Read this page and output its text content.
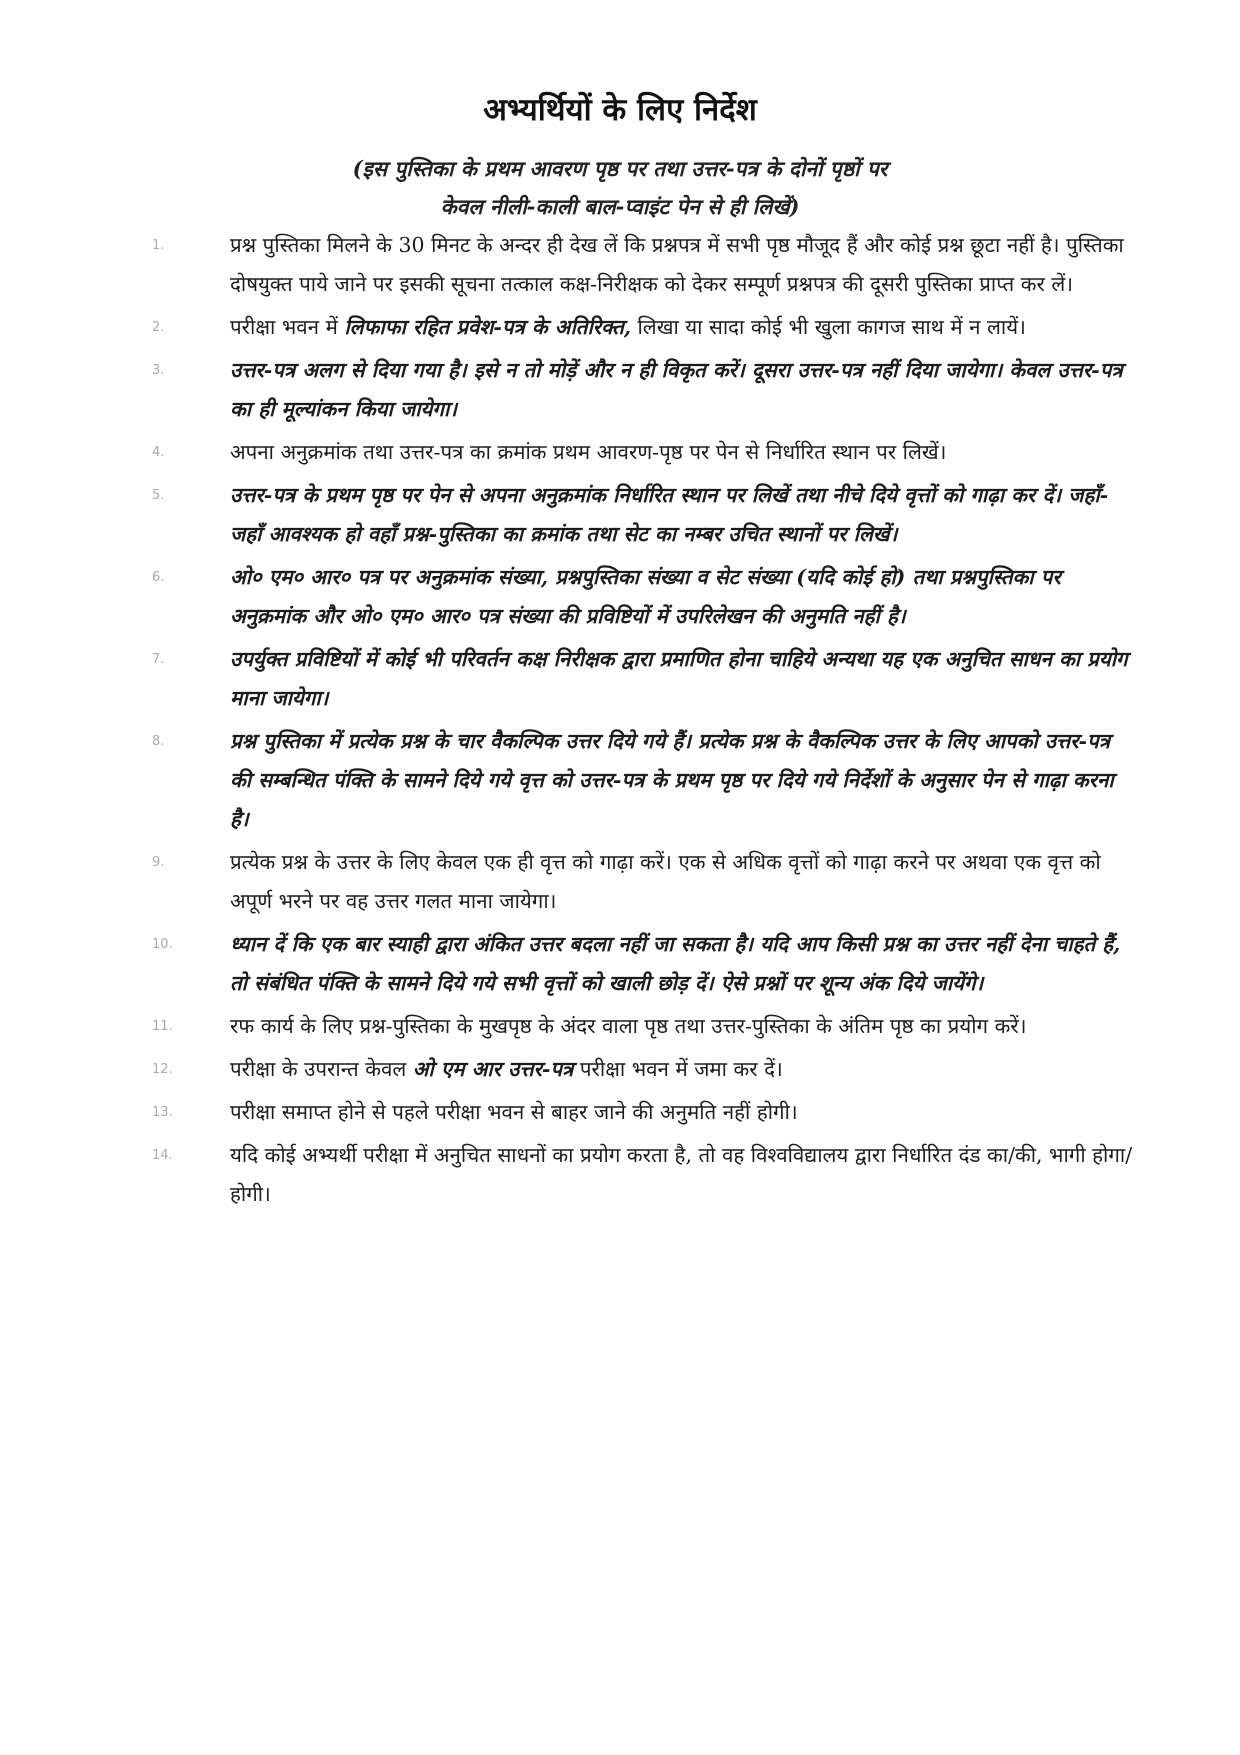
अभ्यर्थियों के लिए निर्देश
(इस पुस्तिका के प्रथम आवरण पृष्ठ पर तथा उत्तर-पत्र के दोनों पृष्ठों पर
केवल नीली-काली बाल-प्वाइंट पेन से ही लिखें)
1.	प्रश्न पुस्तिका मिलने के 30 मिनट के अन्दर ही देख लें कि प्रश्नपत्र में सभी पृष्ठ मौजूद हैं और कोई प्रश्न छूटा नहीं है। पुस्तिका दोषयुक्त पाये जाने पर इसकी सूचना तत्काल कक्ष-निरीक्षक को देकर सम्पूर्ण प्रश्नपत्र की दूसरी पुस्तिका प्राप्त कर लें।
2.	परीक्षा भवन में लिफाफा रहित प्रवेश-पत्र के अतिरिक्त, लिखा या सादा कोई भी खुला कागज साथ में न लायें।
3.	उत्तर-पत्र अलग से दिया गया है। इसे न तो मोड़ें और न ही विकृत करें। दूसरा उत्तर-पत्र नहीं दिया जायेगा। केवल उत्तर-पत्र का ही मूल्यांकन किया जायेगा।
4.	अपना अनुक्रमांक तथा उत्तर-पत्र का क्रमांक प्रथम आवरण-पृष्ठ पर पेन से निर्धारित स्थान पर लिखें।
5.	उत्तर-पत्र के प्रथम पृष्ठ पर पेन से अपना अनुक्रमांक निर्धारित स्थान पर लिखें तथा नीचे दिये वृत्तों को गाढ़ा कर दें। जहाँ-जहाँ आवश्यक हो वहाँ प्रश्न-पुस्तिका का क्रमांक तथा सेट का नम्बर उचित स्थानों पर लिखें।
6.	ओ० एम० आर० पत्र पर अनुक्रमांक संख्या, प्रश्नपुस्तिका संख्या व सेट संख्या (यदि कोई हो) तथा प्रश्नपुस्तिका पर अनुक्रमांक और ओ० एम० आर० पत्र संख्या की प्रविष्टियों में उपरिलेखन की अनुमति नहीं है।
7.	उपर्युक्त प्रविष्टियों में कोई भी परिवर्तन कक्ष निरीक्षक द्वारा प्रमाणित होना चाहिये अन्यथा यह एक अनुचित साधन का प्रयोग माना जायेगा।
8.	प्रश्न पुस्तिका में प्रत्येक प्रश्न के चार वैकल्पिक उत्तर दिये गये हैं। प्रत्येक प्रश्न के वैकल्पिक उत्तर के लिए आपको उत्तर-पत्र की सम्बन्धित पंक्ति के सामने दिये गये वृत्त को उत्तर-पत्र के प्रथम पृष्ठ पर दिये गये निर्देशों के अनुसार पेन से गाढ़ा करना है।
9.	प्रत्येक प्रश्न के उत्तर के लिए केवल एक ही वृत्त को गाढ़ा करें। एक से अधिक वृत्तों को गाढ़ा करने पर अथवा एक वृत्त को अपूर्ण भरने पर वह उत्तर गलत माना जायेगा।
10.	ध्यान दें कि एक बार स्याही द्वारा अंकित उत्तर बदला नहीं जा सकता है। यदि आप किसी प्रश्न का उत्तर नहीं देना चाहते हैं, तो संबंधित पंक्ति के सामने दिये गये सभी वृत्तों को खाली छोड़ दें। ऐसे प्रश्नों पर शून्य अंक दिये जायेंगे।
11.	रफ कार्य के लिए प्रश्न-पुस्तिका के मुखपृष्ठ के अंदर वाला पृष्ठ तथा उत्तर-पुस्तिका के अंतिम पृष्ठ का प्रयोग करें।
12.	परीक्षा के उपरान्त केवल ओ एम आर उत्तर-पत्र परीक्षा भवन में जमा कर दें।
13.	परीक्षा समाप्त होने से पहले परीक्षा भवन से बाहर जाने की अनुमति नहीं होगी।
14.	यदि कोई अभ्यर्थी परीक्षा में अनुचित साधनों का प्रयोग करता है, तो वह विश्वविद्यालय द्वारा निर्धारित दंड का/की, भागी होगा/होगी।
